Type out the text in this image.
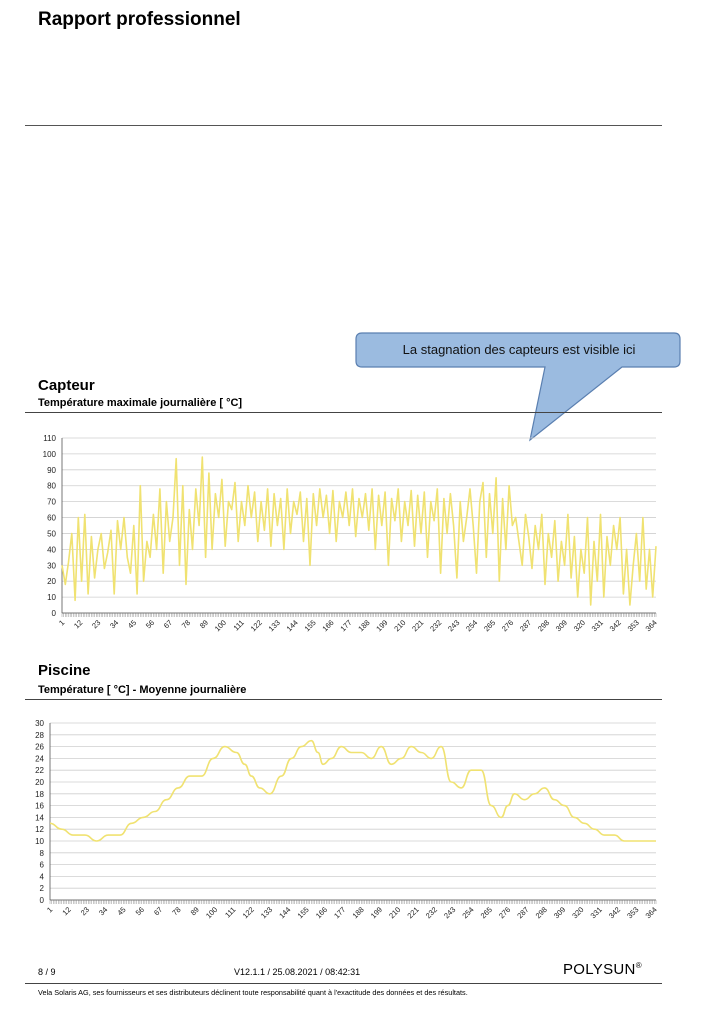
Rapport professionnel
La stagnation des capteurs est visible ici
Capteur
Température maximale journalière [ °C]
0
10
20
30
40
50
60
70
80
90
100
110
1 12 23 34 45 56 67 78 89 100 111 122 133 144 155 166 177 188 199 210 221 232 243 254 265 276 287 298 309 320 331 342 353 364
Piscine
Température [ °C] - Moyenne journalière
0
2
4
6
8
10
12
14
16
18
20
22
24
26
28
30
1 12 23 34 45 56 67 78 89 100 111 122 133 144 155 166 177 188 199 210 221 232 243 254 265 276 287 298 309 320 331 342 353 364
8 / 9	V12.1.1 / 25.08.2021 / 08:42:31	POLYSUN®
Vela Solaris AG, ses fournisseurs et ses distributeurs déclinent toute responsabilité quant à l'exactitude des données et des résultats.
